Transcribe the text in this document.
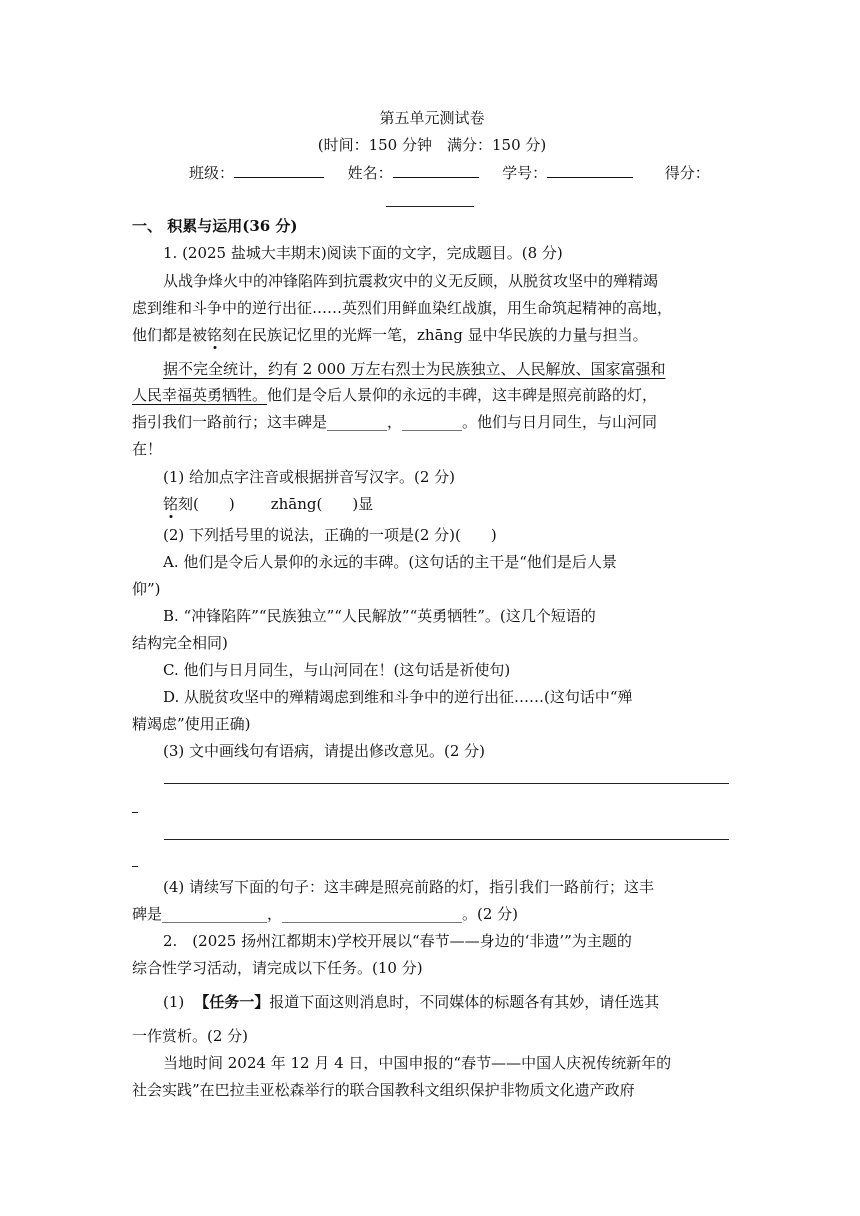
第五单元测试卷
(时间：150 分钟　满分：150 分)
班级：	姓名：	学号：	得分：
一、 积累与运用(36 分)
1. (2025 盐城大丰期末)阅读下面的文字，完成题目。(8 分)
从战争烽火中的冲锋陷阵到抗震救灾中的义无反顾，从脱贫攻坚中的殚精竭
虑到维和斗争中的逆行出征……英烈们用鲜血染红战旗，用生命筑起精神的高地，
他们都是被铭刻在民族记忆里的光辉一笔，zhāng 显中华民族的力量与担当。
据不完全统计，约有 2 000 万左右烈士为民族独立、人民解放、国家富强和
人民幸福英勇牺牲。他们是令后人景仰的永远的丰碑，这丰碑是照亮前路的灯，
指引我们一路前行；这丰碑是________，________。他们与日月同生，与山河同
在！
(1) 给加点字注音或根据拼音写汉字。(2 分)
铭刻(　　) zhāng(　　)显
(2) 下列括号里的说法，正确的一项是(2 分)(　　)
A. 他们是令后人景仰的永远的丰碑。(这句话的主干是“他们是后人景
仰”)
B. “冲锋陷阵”“民族独立”“人民解放”“英勇牺牲”。(这几个短语的
结构完全相同)
C. 他们与日月同生，与山河同在！(这句话是祈使句)
D. 从脱贫攻坚中的殚精竭虑到维和斗争中的逆行出征……(这句话中“殚
精竭虑”使用正确)
(3) 文中画线句有语病，请提出修改意见。(2 分)
(4) 请续写下面的句子：这丰碑是照亮前路的灯，指引我们一路前行；这丰
碑是______________，________________________。(2 分)
2.　(2025 扬州江都期末)学校开展以“春节——身边的‘非遗’”为主题的
综合性学习活动，请完成以下任务。(10 分)
(1) 【任务一】报道下面这则消息时，不同媒体的标题各有其妙，请任选其
一作赏析。(2 分)
当地时间 2024 年 12 月 4 日，中国申报的“春节——中国人庆祝传统新年的
社会实践”在巴拉圭亚松森举行的联合国教科文组织保护非物质文化遗产政府
